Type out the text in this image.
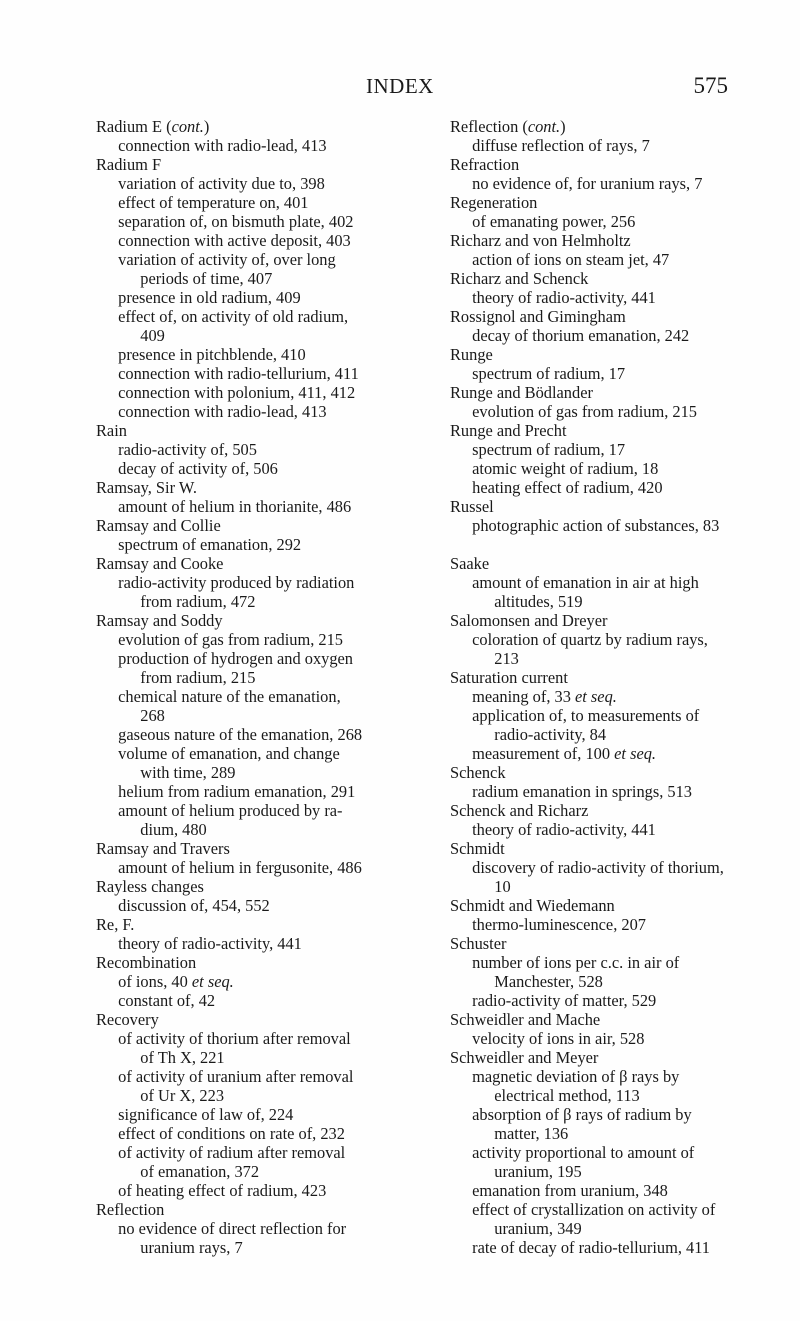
INDEX	575
Radium E (cont.)
connection with radio-lead, 413
Radium F
variation of activity due to, 398
effect of temperature on, 401
separation of, on bismuth plate, 402
connection with active deposit, 403
variation of activity of, over long
periods of time, 407
presence in old radium, 409
effect of, on activity of old radium,
409
presence in pitchblende, 410
connection with radio-tellurium, 411
connection with polonium, 411, 412
connection with radio-lead, 413
Rain
radio-activity of, 505
decay of activity of, 506
Ramsay, Sir W.
amount of helium in thorianite, 486
Ramsay and Collie
spectrum of emanation, 292
Ramsay and Cooke
radio-activity produced by radiation
from radium, 472
Ramsay and Soddy
evolution of gas from radium, 215
production of hydrogen and oxygen
from radium, 215
chemical nature of the emanation,
268
gaseous nature of the emanation, 268
volume of emanation, and change
with time, 289
helium from radium emanation, 291
amount of helium produced by ra-
dium, 480
Ramsay and Travers
amount of helium in fergusonite, 486
Rayless changes
discussion of, 454, 552
Re, F.
theory of radio-activity, 441
Recombination
of ions, 40 et seq.
constant of, 42
Recovery
of activity of thorium after removal
of Th X, 221
of activity of uranium after removal
of Ur X, 223
significance of law of, 224
effect of conditions on rate of, 232
of activity of radium after removal
of emanation, 372
of heating effect of radium, 423
Reflection
no evidence of direct reflection for
uranium rays, 7
Reflection (cont.)
diffuse reflection of rays, 7
Refraction
no evidence of, for uranium rays, 7
Regeneration
of emanating power, 256
Richarz and von Helmholtz
action of ions on steam jet, 47
Richarz and Schenck
theory of radio-activity, 441
Rossignol and Gimingham
decay of thorium emanation, 242
Runge
spectrum of radium, 17
Runge and Bödlander
evolution of gas from radium, 215
Runge and Precht
spectrum of radium, 17
atomic weight of radium, 18
heating effect of radium, 420
Russel
photographic action of substances, 83
Saake
amount of emanation in air at high
altitudes, 519
Salomonsen and Dreyer
coloration of quartz by radium rays,
213
Saturation current
meaning of, 33 et seq.
application of, to measurements of
radio-activity, 84
measurement of, 100 et seq.
Schenck
radium emanation in springs, 513
Schenck and Richarz
theory of radio-activity, 441
Schmidt
discovery of radio-activity of thorium,
10
Schmidt and Wiedemann
thermo-luminescence, 207
Schuster
number of ions per c.c. in air of
Manchester, 528
radio-activity of matter, 529
Schweidler and Mache
velocity of ions in air, 528
Schweidler and Meyer
magnetic deviation of β rays by
electrical method, 113
absorption of β rays of radium by
matter, 136
activity proportional to amount of
uranium, 195
emanation from uranium, 348
effect of crystallization on activity of
uranium, 349
rate of decay of radio-tellurium, 411
